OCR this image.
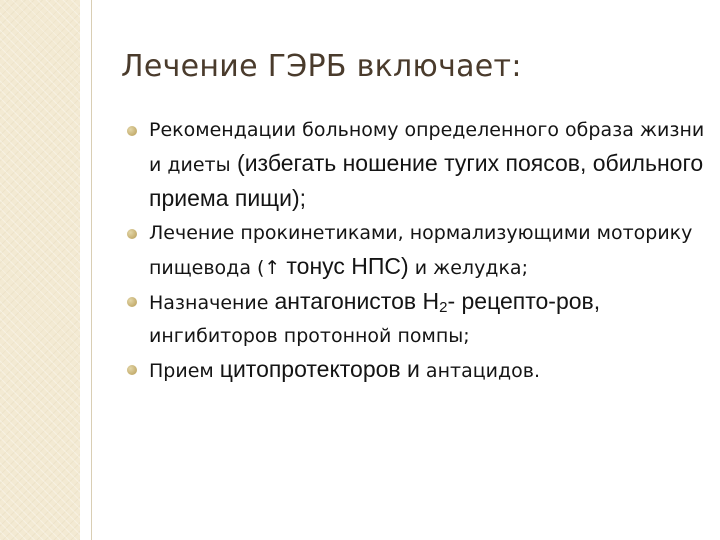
Лечение ГЭРБ включает:
Рекомендации больному определенного образа жизни и диеты (избегать ношение тугих поясов, обильного приема пищи);
Лечение прокинетиками, нормализующими моторику пищевода (↑ тонус НПС) и желудка;
Назначение антагонистов $Н_2-$ рецепто-ров, ингибиторов протонной помпы;
Прием цитопротекторов и антацидов.
